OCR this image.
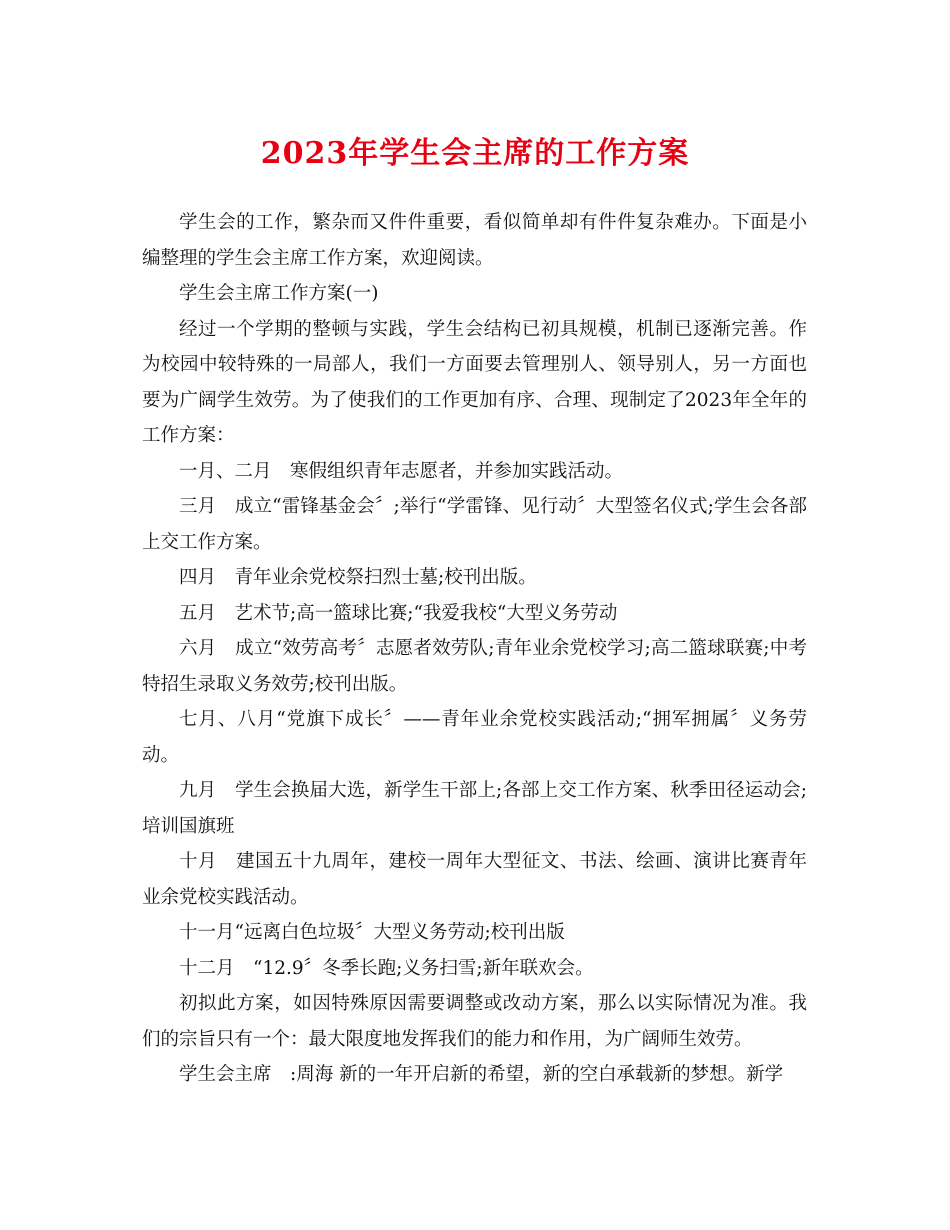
2023年学生会主席的工作方案

学生会的工作，繁杂而又件件重要，看似简单却有件件复杂难办。下面是小编整理的学生会主席工作方案，欢迎阅读。

学生会主席工作方案(一)

经过一个学期的整顿与实践，学生会结构已初具规模，机制已逐渐完善。作为校园中较特殊的一局部人，我们一方面要去管理别人、领导别人，另一方面也要为广阔学生效劳。为了使我们的工作更加有序、合理、现制定了2023年全年的工作方案：

一月、二月　寒假组织青年志愿者，并参加实践活动。

三月　成立“雷锋基金会〞;举行“学雷锋、见行动〞大型签名仪式;学生会各部上交工作方案。

四月　青年业余党校祭扫烈士墓;校刊出版。

五月　艺术节;高一篮球比赛;“我爱我校“大型义务劳动

六月　成立“效劳高考〞志愿者效劳队;青年业余党校学习;高二篮球联赛;中考特招生录取义务效劳;校刊出版。

七月、八月“党旗下成长〞——青年业余党校实践活动;“拥军拥属〞义务劳动。

九月　学生会换届大选，新学生干部上;各部上交工作方案、秋季田径运动会;培训国旗班

十月　建国五十九周年，建校一周年大型征文、书法、绘画、演讲比赛青年业余党校实践活动。

十一月“远离白色垃圾〞大型义务劳动;校刊出版

十二月　“12.9〞冬季长跑;义务扫雪;新年联欢会。

初拟此方案，如因特殊原因需要调整或改动方案，那么以实际情况为准。我们的宗旨只有一个：最大限度地发挥我们的能力和作用，为广阔师生效劳。

学生会主席　:周海 新的一年开启新的希望，新的空白承载新的梦想。新学
